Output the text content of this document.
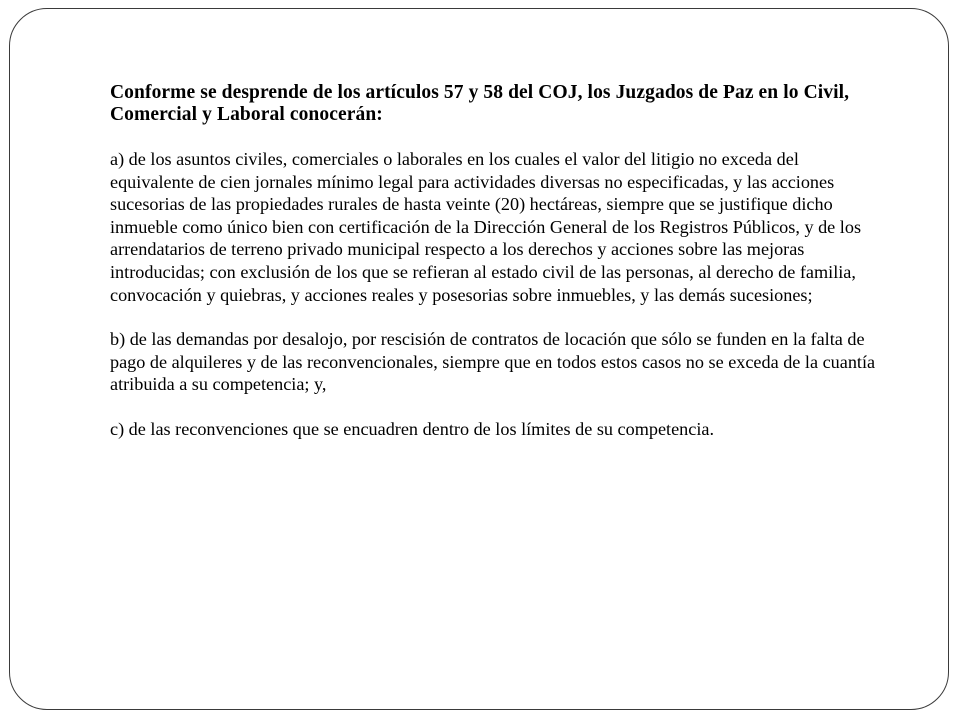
Conforme se desprende de los artículos 57 y 58 del COJ, los Juzgados de Paz en lo Civil, Comercial y Laboral conocerán:

a) de los asuntos civiles, comerciales o laborales en los cuales el valor del litigio no exceda del equivalente de cien jornales mínimo legal para actividades diversas no especificadas, y las acciones sucesorias de las propiedades rurales de hasta veinte (20) hectáreas, siempre que se justifique dicho inmueble como único bien con certificación de la Dirección General de los Registros Públicos, y de los arrendatarios de terreno privado municipal respecto a los derechos y acciones sobre las mejoras introducidas; con exclusión de los que se refieran al estado civil de las personas, al derecho de familia, convocación y quiebras, y acciones reales y posesorias sobre inmuebles, y las demás sucesiones;

b) de las demandas por desalojo, por rescisión de contratos de locación que sólo se funden en la falta de pago de alquileres y de las reconvencionales, siempre que en todos estos casos no se exceda de la cuantía atribuida a su competencia; y,

c) de las reconvenciones que se encuadren dentro de los límites de su competencia.
